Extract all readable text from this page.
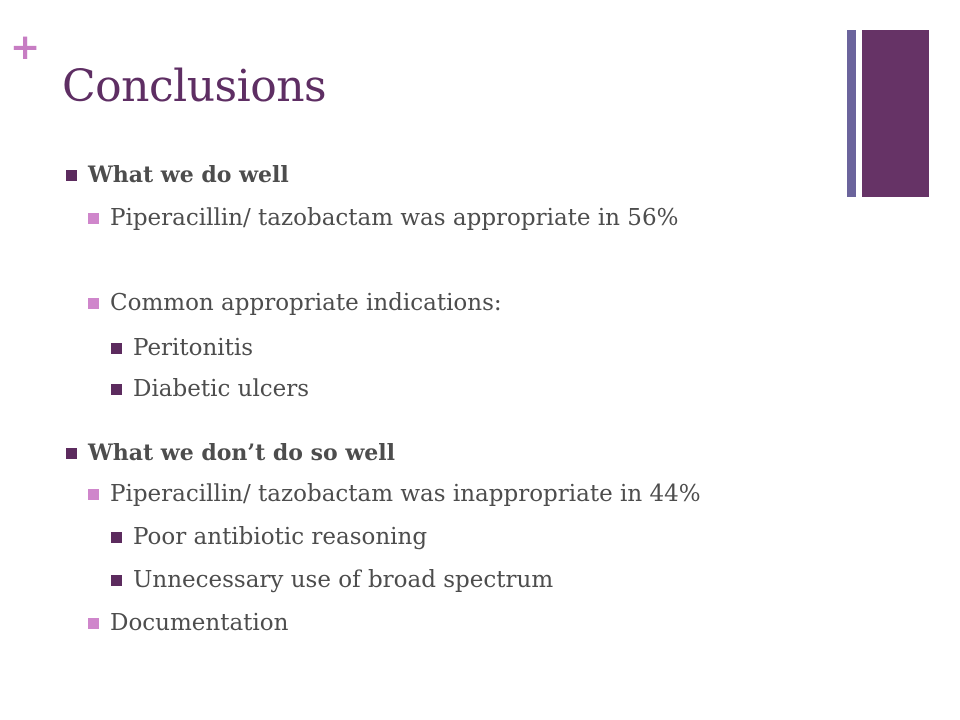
+
Conclusions
What we do well
Piperacillin/ tazobactam was appropriate in 56%
Common appropriate indications:
Peritonitis
Diabetic ulcers
What we don’t do so well
Piperacillin/ tazobactam was inappropriate in 44%
Poor antibiotic reasoning
Unnecessary use of broad spectrum
Documentation
